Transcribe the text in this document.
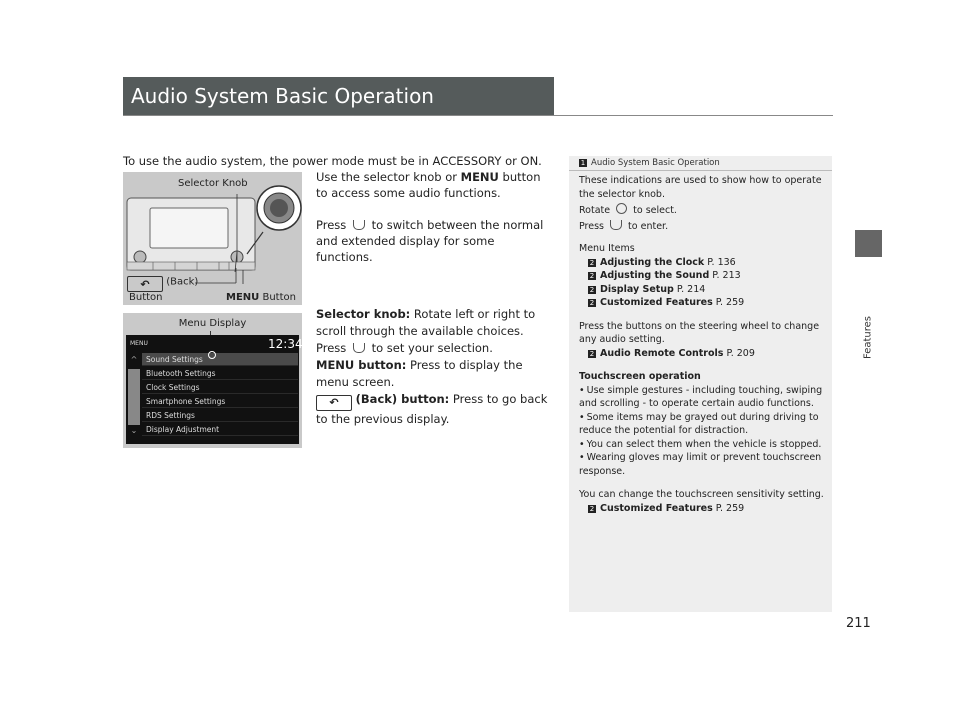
Audio System Basic Operation
Features
211
To use the audio system, the power mode must be in ACCESSORY or ON.
Use the selector knob or MENU button to access some audio functions.
Press  to switch between the normal and extended display for some functions.
Selector Knob
↶ (Back)
Button	MENU Button
Selector knob: Rotate left or right to scroll through the available choices. Press  to set your selection.
MENU button: Press to display the menu screen.
↶ (Back) button: Press to go back to the previous display.
Menu Display
MENU	12:34
^
⌄
Sound Settings
Bluetooth Settings
Clock Settings
Smartphone Settings
RDS Settings
Display Adjustment
1 Audio System Basic Operation
These indications are used to show how to operate the selector knob.
Rotate  to select.
Press  to enter.
Menu Items
2 Adjusting the Clock P. 136
2 Adjusting the Sound P. 213
2 Display Setup P. 214
2 Customized Features P. 259
Press the buttons on the steering wheel to change any audio setting.
2 Audio Remote Controls P. 209
Touchscreen operation
• Use simple gestures - including touching, swiping and scrolling - to operate certain audio functions.
• Some items may be grayed out during driving to reduce the potential for distraction.
• You can select them when the vehicle is stopped.
• Wearing gloves may limit or prevent touchscreen response.
You can change the touchscreen sensitivity setting.
2 Customized Features P. 259
